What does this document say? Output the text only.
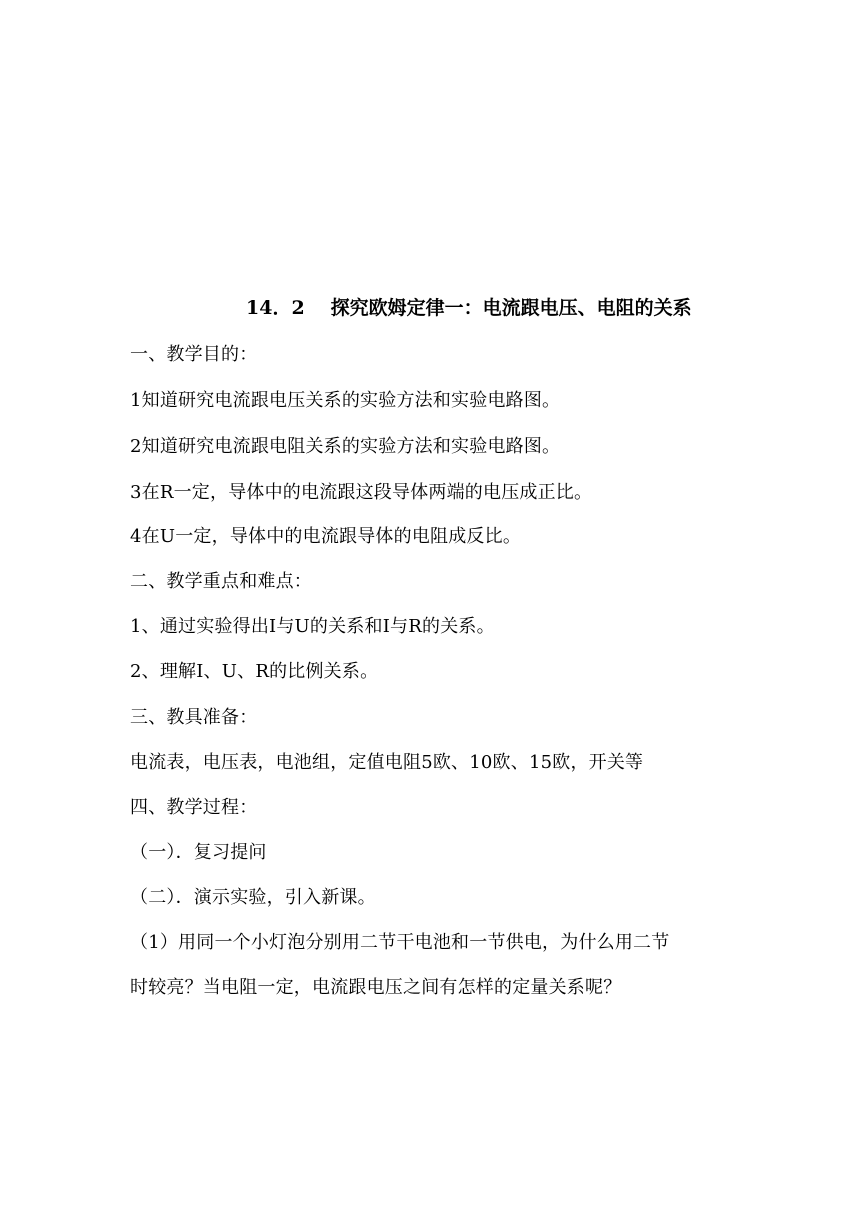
14．2 探究欧姆定律一：电流跟电压、电阻的关系
一、教学目的：
1知道研究电流跟电压关系的实验方法和实验电路图。
2知道研究电流跟电阻关系的实验方法和实验电路图。
3在R一定，导体中的电流跟这段导体两端的电压成正比。
4在U一定，导体中的电流跟导体的电阻成反比。
二、教学重点和难点：
1、通过实验得出I与U的关系和I与R的关系。
2、理解I、U、R的比例关系。
三、教具准备：
电流表，电压表，电池组，定值电阻5欧、10欧、15欧，开关等
四、教学过程：
（一）．复习提问
（二）．演示实验，引入新课。
（1）用同一个小灯泡分别用二节干电池和一节供电，为什么用二节
时较亮？当电阻一定，电流跟电压之间有怎样的定量关系呢？
